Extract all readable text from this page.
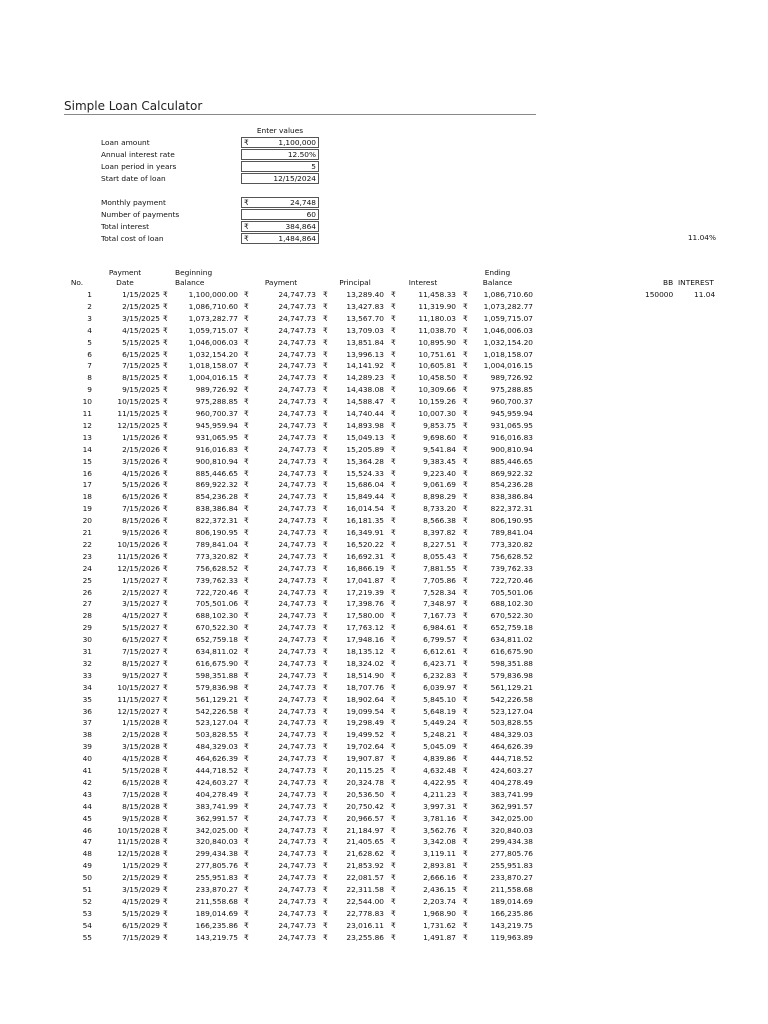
Simple Loan Calculator
Enter values
Loan amount	₹	1,100,000
Annual interest rate	12.50%
Loan period in years	5
Start date of loan	12/15/2024
Monthly payment	₹	24,748
Number of payments	60
Total interest	₹	384,864
Total cost of loan	₹	1,484,864	11.04%
BB INTEREST
150000	11.04
No.
Payment
Date
Beginning
Balance	Payment	Principal	Interest
Ending
Balance
1	1/15/2025 ₹	1,100,000.00 ₹	24,747.73 ₹	13,289.40 ₹	11,458.33 ₹	1,086,710.60
2	2/15/2025 ₹	1,086,710.60 ₹	24,747.73 ₹	13,427.83 ₹	11,319.90 ₹	1,073,282.77
3	3/15/2025 ₹	1,073,282.77 ₹	24,747.73 ₹	13,567.70 ₹	11,180.03 ₹	1,059,715.07
4	4/15/2025 ₹	1,059,715.07 ₹	24,747.73 ₹	13,709.03 ₹	11,038.70 ₹	1,046,006.03
5	5/15/2025 ₹	1,046,006.03 ₹	24,747.73 ₹	13,851.84 ₹	10,895.90 ₹	1,032,154.20
6	6/15/2025 ₹	1,032,154.20 ₹	24,747.73 ₹	13,996.13 ₹	10,751.61 ₹	1,018,158.07
7	7/15/2025 ₹	1,018,158.07 ₹	24,747.73 ₹	14,141.92 ₹	10,605.81 ₹	1,004,016.15
8	8/15/2025 ₹	1,004,016.15 ₹	24,747.73 ₹	14,289.23 ₹	10,458.50 ₹	989,726.92
9	9/15/2025 ₹	989,726.92 ₹	24,747.73 ₹	14,438.08 ₹	10,309.66 ₹	975,288.85
10	10/15/2025 ₹	975,288.85 ₹	24,747.73 ₹	14,588.47 ₹	10,159.26 ₹	960,700.37
11	11/15/2025 ₹	960,700.37 ₹	24,747.73 ₹	14,740.44 ₹	10,007.30 ₹	945,959.94
12	12/15/2025 ₹	945,959.94 ₹	24,747.73 ₹	14,893.98 ₹	9,853.75 ₹	931,065.95
13	1/15/2026 ₹	931,065.95 ₹	24,747.73 ₹	15,049.13 ₹	9,698.60 ₹	916,016.83
14	2/15/2026 ₹	916,016.83 ₹	24,747.73 ₹	15,205.89 ₹	9,541.84 ₹	900,810.94
15	3/15/2026 ₹	900,810.94 ₹	24,747.73 ₹	15,364.28 ₹	9,383.45 ₹	885,446.65
16	4/15/2026 ₹	885,446.65 ₹	24,747.73 ₹	15,524.33 ₹	9,223.40 ₹	869,922.32
17	5/15/2026 ₹	869,922.32 ₹	24,747.73 ₹	15,686.04 ₹	9,061.69 ₹	854,236.28
18	6/15/2026 ₹	854,236.28 ₹	24,747.73 ₹	15,849.44 ₹	8,898.29 ₹	838,386.84
19	7/15/2026 ₹	838,386.84 ₹	24,747.73 ₹	16,014.54 ₹	8,733.20 ₹	822,372.31
20	8/15/2026 ₹	822,372.31 ₹	24,747.73 ₹	16,181.35 ₹	8,566.38 ₹	806,190.95
21	9/15/2026 ₹	806,190.95 ₹	24,747.73 ₹	16,349.91 ₹	8,397.82 ₹	789,841.04
22	10/15/2026 ₹	789,841.04 ₹	24,747.73 ₹	16,520.22 ₹	8,227.51 ₹	773,320.82
23	11/15/2026 ₹	773,320.82 ₹	24,747.73 ₹	16,692.31 ₹	8,055.43 ₹	756,628.52
24	12/15/2026 ₹	756,628.52 ₹	24,747.73 ₹	16,866.19 ₹	7,881.55 ₹	739,762.33
25	1/15/2027 ₹	739,762.33 ₹	24,747.73 ₹	17,041.87 ₹	7,705.86 ₹	722,720.46
26	2/15/2027 ₹	722,720.46 ₹	24,747.73 ₹	17,219.39 ₹	7,528.34 ₹	705,501.06
27	3/15/2027 ₹	705,501.06 ₹	24,747.73 ₹	17,398.76 ₹	7,348.97 ₹	688,102.30
28	4/15/2027 ₹	688,102.30 ₹	24,747.73 ₹	17,580.00 ₹	7,167.73 ₹	670,522.30
29	5/15/2027 ₹	670,522.30 ₹	24,747.73 ₹	17,763.12 ₹	6,984.61 ₹	652,759.18
30	6/15/2027 ₹	652,759.18 ₹	24,747.73 ₹	17,948.16 ₹	6,799.57 ₹	634,811.02
31	7/15/2027 ₹	634,811.02 ₹	24,747.73 ₹	18,135.12 ₹	6,612.61 ₹	616,675.90
32	8/15/2027 ₹	616,675.90 ₹	24,747.73 ₹	18,324.02 ₹	6,423.71 ₹	598,351.88
33	9/15/2027 ₹	598,351.88 ₹	24,747.73 ₹	18,514.90 ₹	6,232.83 ₹	579,836.98
34	10/15/2027 ₹	579,836.98 ₹	24,747.73 ₹	18,707.76 ₹	6,039.97 ₹	561,129.21
35	11/15/2027 ₹	561,129.21 ₹	24,747.73 ₹	18,902.64 ₹	5,845.10 ₹	542,226.58
36	12/15/2027 ₹	542,226.58 ₹	24,747.73 ₹	19,099.54 ₹	5,648.19 ₹	523,127.04
37	1/15/2028 ₹	523,127.04 ₹	24,747.73 ₹	19,298.49 ₹	5,449.24 ₹	503,828.55
38	2/15/2028 ₹	503,828.55 ₹	24,747.73 ₹	19,499.52 ₹	5,248.21 ₹	484,329.03
39	3/15/2028 ₹	484,329.03 ₹	24,747.73 ₹	19,702.64 ₹	5,045.09 ₹	464,626.39
40	4/15/2028 ₹	464,626.39 ₹	24,747.73 ₹	19,907.87 ₹	4,839.86 ₹	444,718.52
41	5/15/2028 ₹	444,718.52 ₹	24,747.73 ₹	20,115.25 ₹	4,632.48 ₹	424,603.27
42	6/15/2028 ₹	424,603.27 ₹	24,747.73 ₹	20,324.78 ₹	4,422.95 ₹	404,278.49
43	7/15/2028 ₹	404,278.49 ₹	24,747.73 ₹	20,536.50 ₹	4,211.23 ₹	383,741.99
44	8/15/2028 ₹	383,741.99 ₹	24,747.73 ₹	20,750.42 ₹	3,997.31 ₹	362,991.57
45	9/15/2028 ₹	362,991.57 ₹	24,747.73 ₹	20,966.57 ₹	3,781.16 ₹	342,025.00
46	10/15/2028 ₹	342,025.00 ₹	24,747.73 ₹	21,184.97 ₹	3,562.76 ₹	320,840.03
47	11/15/2028 ₹	320,840.03 ₹	24,747.73 ₹	21,405.65 ₹	3,342.08 ₹	299,434.38
48	12/15/2028 ₹	299,434.38 ₹	24,747.73 ₹	21,628.62 ₹	3,119.11 ₹	277,805.76
49	1/15/2029 ₹	277,805.76 ₹	24,747.73 ₹	21,853.92 ₹	2,893.81 ₹	255,951.83
50	2/15/2029 ₹	255,951.83 ₹	24,747.73 ₹	22,081.57 ₹	2,666.16 ₹	233,870.27
51	3/15/2029 ₹	233,870.27 ₹	24,747.73 ₹	22,311.58 ₹	2,436.15 ₹	211,558.68
52	4/15/2029 ₹	211,558.68 ₹	24,747.73 ₹	22,544.00 ₹	2,203.74 ₹	189,014.69
53	5/15/2029 ₹	189,014.69 ₹	24,747.73 ₹	22,778.83 ₹	1,968.90 ₹	166,235.86
54	6/15/2029 ₹	166,235.86 ₹	24,747.73 ₹	23,016.11 ₹	1,731.62 ₹	143,219.75
55	7/15/2029 ₹	143,219.75 ₹	24,747.73 ₹	23,255.86 ₹	1,491.87 ₹	119,963.89
